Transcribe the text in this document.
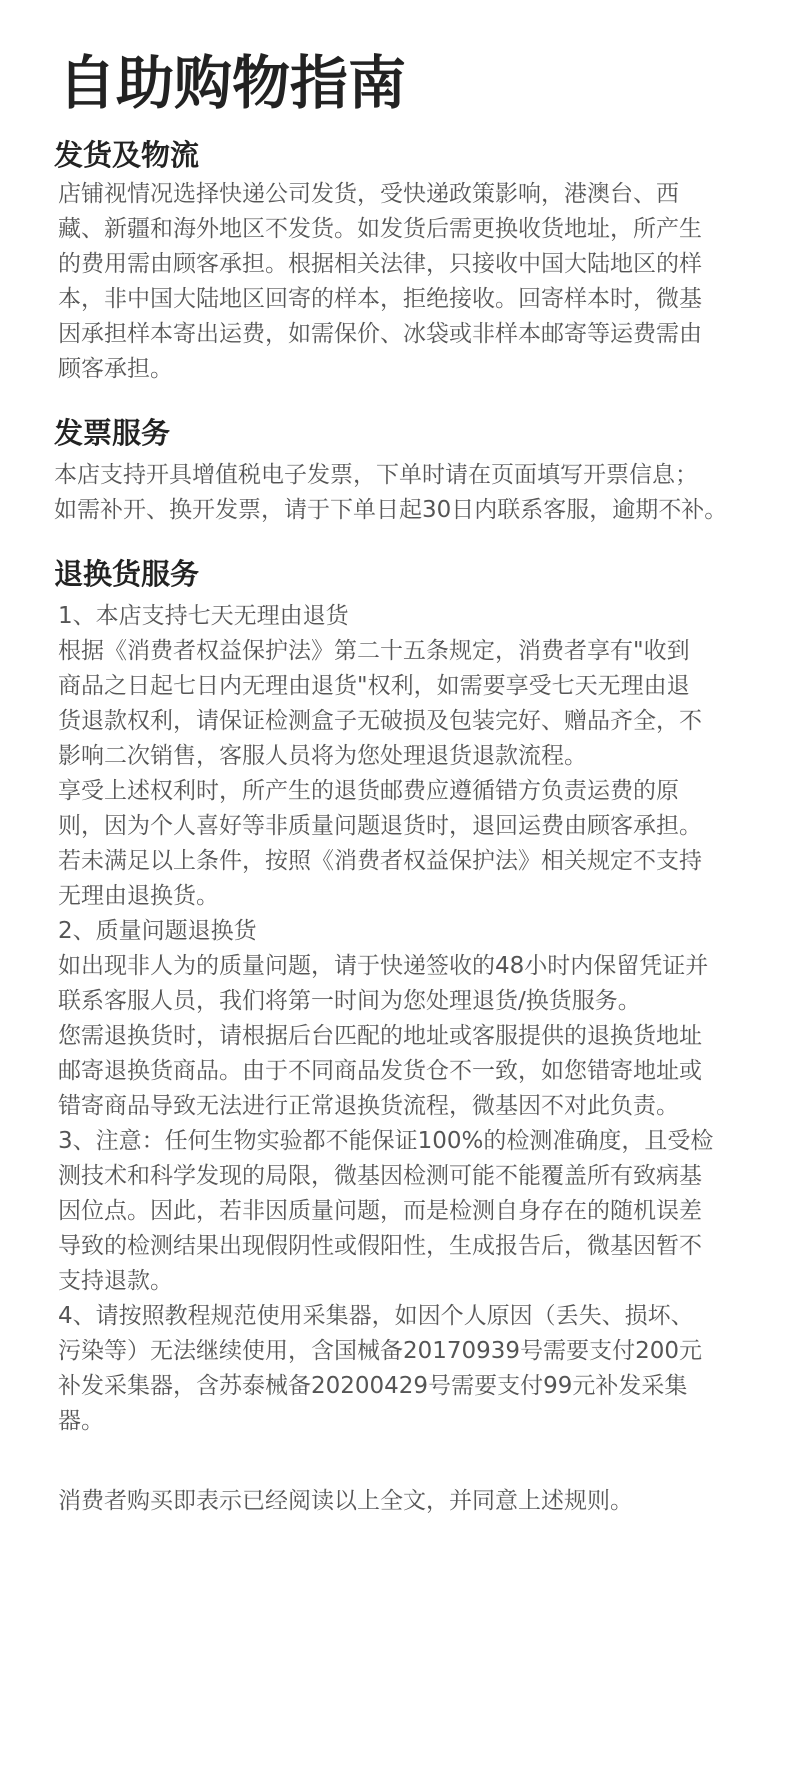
自助购物指南
发货及物流

店铺视情况选择快递公司发货，受快递政策影响，港澳台、西

藏、新疆和海外地区不发货。如发货后需更换收货地址，所产生

的费用需由顾客承担。根据相关法律，只接收中国大陆地区的样

本，非中国大陆地区回寄的样本，拒绝接收。回寄样本时，微基

因承担样本寄出运费，如需保价、冰袋或非样本邮寄等运费需由

顾客承担。

发票服务

本店支持开具增值税电子发票，下单时请在页面填写开票信息；

如需补开、换开发票，请于下单日起30日内联系客服，逾期不补。

退换货服务

1、本店支持七天无理由退货

根据《消费者权益保护法》第二十五条规定，消费者享有"收到

商品之日起七日内无理由退货"权利，如需要享受七天无理由退

货退款权利，请保证检测盒子无破损及包装完好、赠品齐全，不

影响二次销售，客服人员将为您处理退货退款流程。

享受上述权利时，所产生的退货邮费应遵循错方负责运费的原

则，因为个人喜好等非质量问题退货时，退回运费由顾客承担。

若未满足以上条件，按照《消费者权益保护法》相关规定不支持

无理由退换货。

2、质量问题退换货

如出现非人为的质量问题，请于快递签收的48小时内保留凭证并

联系客服人员，我们将第一时间为您处理退货/换货服务。

您需退换货时，请根据后台匹配的地址或客服提供的退换货地址

邮寄退换货商品。由于不同商品发货仓不一致，如您错寄地址或

错寄商品导致无法进行正常退换货流程，微基因不对此负责。

3、注意：任何生物实验都不能保证100%的检测准确度，且受检

测技术和科学发现的局限，微基因检测可能不能覆盖所有致病基

因位点。因此，若非因质量问题，而是检测自身存在的随机误差

导致的检测结果出现假阴性或假阳性，生成报告后，微基因暂不

支持退款。

4、请按照教程规范使用采集器，如因个人原因（丢失、损坏、

污染等）无法继续使用，含国械备20170939号需要支付200元

补发采集器，含苏泰械备20200429号需要支付99元补发采集

器。

消费者购买即表示已经阅读以上全文，并同意上述规则。
